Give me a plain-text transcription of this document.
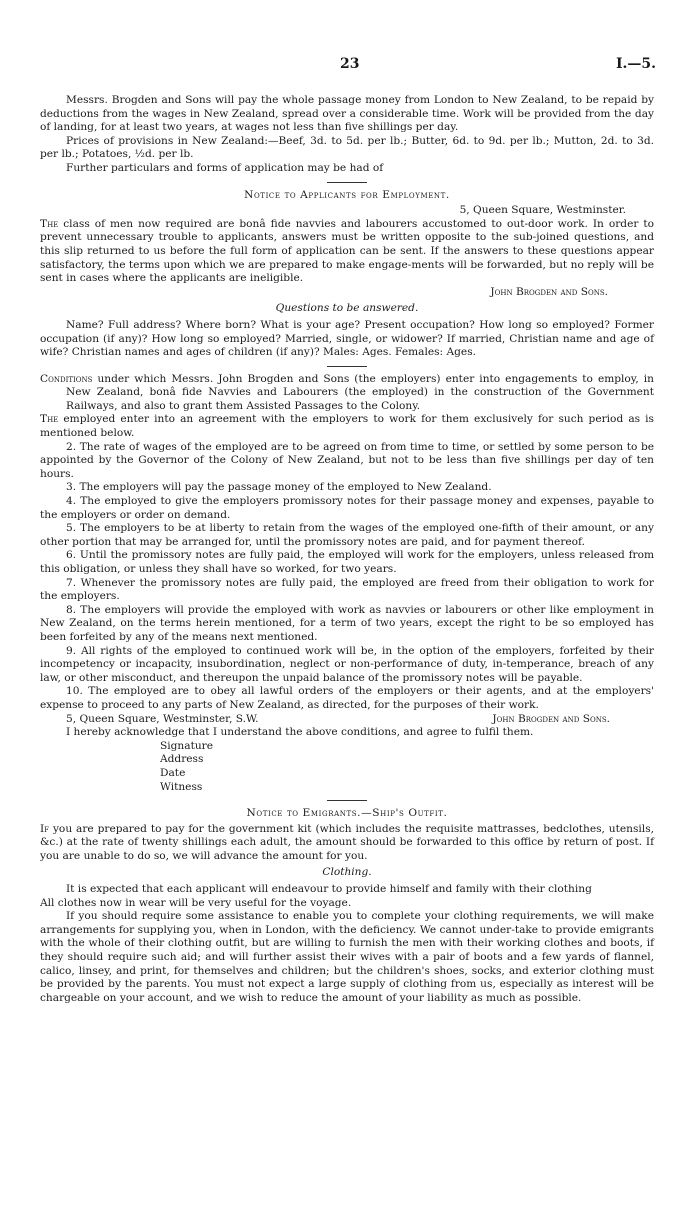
23	I.—5.

Messrs. Brogden and Sons will pay the whole passage money from London to New Zealand, to be repaid by deductions from the wages in New Zealand, spread over a considerable time. Work will be provided from the day of landing, for at least two years, at wages not less than five shillings per day.

Prices of provisions in New Zealand:—Beef, 3d. to 5d. per lb.; Butter, 6d. to 9d. per lb.; Mutton, 2d. to 3d. per lb.; Potatoes, ½d. per lb.

Further particulars and forms of application may be had of

Notice to Applicants for Employment.
5, Queen Square, Westminster.

The class of men now required are bonâ fide navvies and labourers accustomed to out-door work. In order to prevent unnecessary trouble to applicants, answers must be written opposite to the sub-joined questions, and this slip returned to us before the full form of application can be sent. If the answers to these questions appear satisfactory, the terms upon which we are prepared to make engage-ments will be forwarded, but no reply will be sent in cases where the applicants are ineligible.

John Brogden and Sons.
Questions to be answered.

Name? Full address? Where born? What is your age? Present occupation? How long so employed? Former occupation (if any)? How long so employed? Married, single, or widower? If married, Christian name and age of wife? Christian names and ages of children (if any)? Males: Ages. Females: Ages.

Conditions under which Messrs. John Brogden and Sons (the employers) enter into engagements to employ, in New Zealand, bonâ fide Navvies and Labourers (the employed) in the construction of the Government Railways, and also to grant them Assisted Passages to the Colony.

The employed enter into an agreement with the employers to work for them exclusively for such period as is mentioned below.

2. The rate of wages of the employed are to be agreed on from time to time, or settled by some person to be appointed by the Governor of the Colony of New Zealand, but not to be less than five shillings per day of ten hours.

3. The employers will pay the passage money of the employed to New Zealand.

4. The employed to give the employers promissory notes for their passage money and expenses, payable to the employers or order on demand.

5. The employers to be at liberty to retain from the wages of the employed one-fifth of their amount, or any other portion that may be arranged for, until the promissory notes are paid, and for payment thereof.

6. Until the promissory notes are fully paid, the employed will work for the employers, unless released from this obligation, or unless they shall have so worked, for two years.

7. Whenever the promissory notes are fully paid, the employed are freed from their obligation to work for the employers.

8. The employers will provide the employed with work as navvies or labourers or other like employment in New Zealand, on the terms herein mentioned, for a term of two years, except the right to be so employed has been forfeited by any of the means next mentioned.

9. All rights of the employed to continued work will be, in the option of the employers, forfeited by their incompetency or incapacity, insubordination, neglect or non-performance of duty, in-temperance, breach of any law, or other misconduct, and thereupon the unpaid balance of the promissory notes will be payable.

10. The employed are to obey all lawful orders of the employers or their agents, and at the employers' expense to proceed to any parts of New Zealand, as directed, for the purposes of their work.

5, Queen Square, Westminster, S.W.	John Brogden and Sons.

I hereby acknowledge that I understand the above conditions, and agree to fulfil them.

Signature
Address
Date
Witness
Notice to Emigrants.—Ship's Outfit.

If you are prepared to pay for the government kit (which includes the requisite mattrasses, bedclothes, utensils, &c.) at the rate of twenty shillings each adult, the amount should be forwarded to this office by return of post. If you are unable to do so, we will advance the amount for you.

Clothing.

It is expected that each applicant will endeavour to provide himself and family with their clothing

All clothes now in wear will be very useful for the voyage.

If you should require some assistance to enable you to complete your clothing requirements, we will make arrangements for supplying you, when in London, with the deficiency. We cannot under-take to provide emigrants with the whole of their clothing outfit, but are willing to furnish the men with their working clothes and boots, if they should require such aid; and will further assist their wives with a pair of boots and a few yards of flannel, calico, linsey, and print, for themselves and children; but the children's shoes, socks, and exterior clothing must be provided by the parents. You must not expect a large supply of clothing from us, especially as interest will be chargeable on your account, and we wish to reduce the amount of your liability as much as possible.
